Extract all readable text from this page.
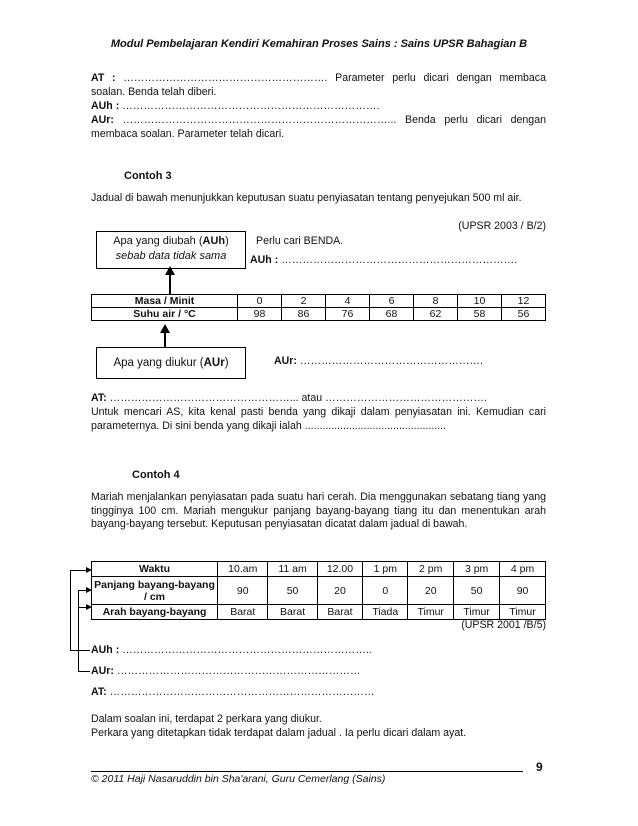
Modul Pembelajaran Kendiri Kemahiran Proses Sains : Sains UPSR Bahagian B
AT : …………………………………………………. Parameter perlu dicari dengan membaca soalan. Benda telah diberi.
AUh : ……………………………………………………………….
AUr: …………………………………………………………………... Benda perlu dicari dengan membaca soalan. Parameter telah dicari.
Contoh 3
Jadual di bawah menunjukkan keputusan suatu penyiasatan tentang penyejukan 500 ml air.
(UPSR 2003 / B/2)
Apa yang diubah (AUh)
sebab data tidak sama
Perlu cari BENDA.
AUh : ………………………………………………………….
Masa / Minit	0	2	4	6	8	10	12
Suhu air / °C	98	86	76	68	62	58	56
Apa yang diukur (AUr)	AUr: …………………………………………….
AT: ……………………………………………... atau ……………………………………….
Untuk mencari AS, kita kenal pasti benda yang dikaji dalam penyiasatan ini. Kemudian cari parameternya. Di sini benda yang dikaji ialah ................................................
Contoh 4
Mariah menjalankan penyiasatan pada suatu hari cerah. Dia menggunakan sebatang tiang yang tingginya 100 cm. Mariah mengukur panjang bayang-bayang tiang itu dan menentukan arah bayang-bayang tersebut. Keputusan penyiasatan dicatat dalam jadual di bawah.
Waktu	10.am	11 am	12.00	1 pm	2 pm	3 pm	4 pm
Panjang bayang-bayang / cm	90	50	20	0	20	50	90
Arah bayang-bayang	Barat	Barat	Barat	Tiada	Timur	Timur	Timur
(UPSR 2001 /B/5)
AUh : ……………………………………………………………..
AUr: ……………………………………………………………
AT: …………………………………………………………………
Dalam soalan ini, terdapat 2 perkara yang diukur.
Perkara yang ditetapkan tidak terdapat dalam jadual . Ia perlu dicari dalam ayat.
9
© 2011 Haji Nasaruddin bin Sha'arani, Guru Cemerlang (Sains)
